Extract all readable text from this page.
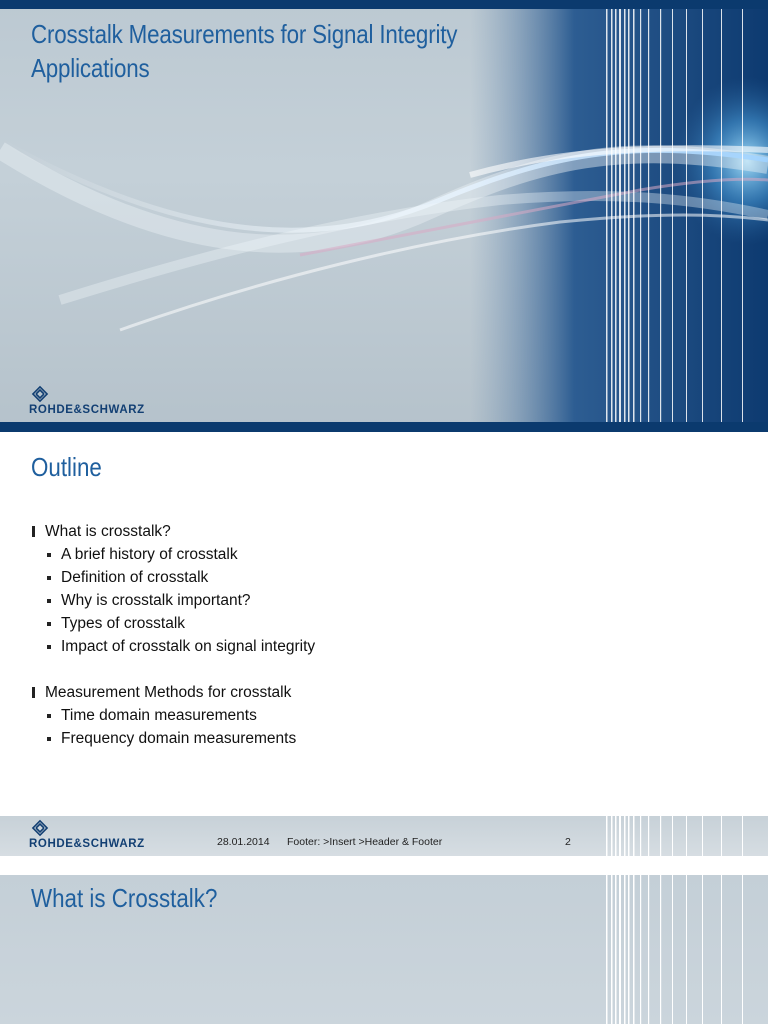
Crosstalk Measurements for Signal Integrity
Applications
ROHDE&SCHWARZ
Outline
What is crosstalk?
A brief history of crosstalk
Definition of crosstalk
Why is crosstalk important?
Types of crosstalk
Impact of crosstalk on signal integrity
Measurement Methods for crosstalk
Time domain measurements
Frequency domain measurements
ROHDE&SCHWARZ	28.01.2014 Footer: >Insert >Header & Footer	2
What is Crosstalk?
